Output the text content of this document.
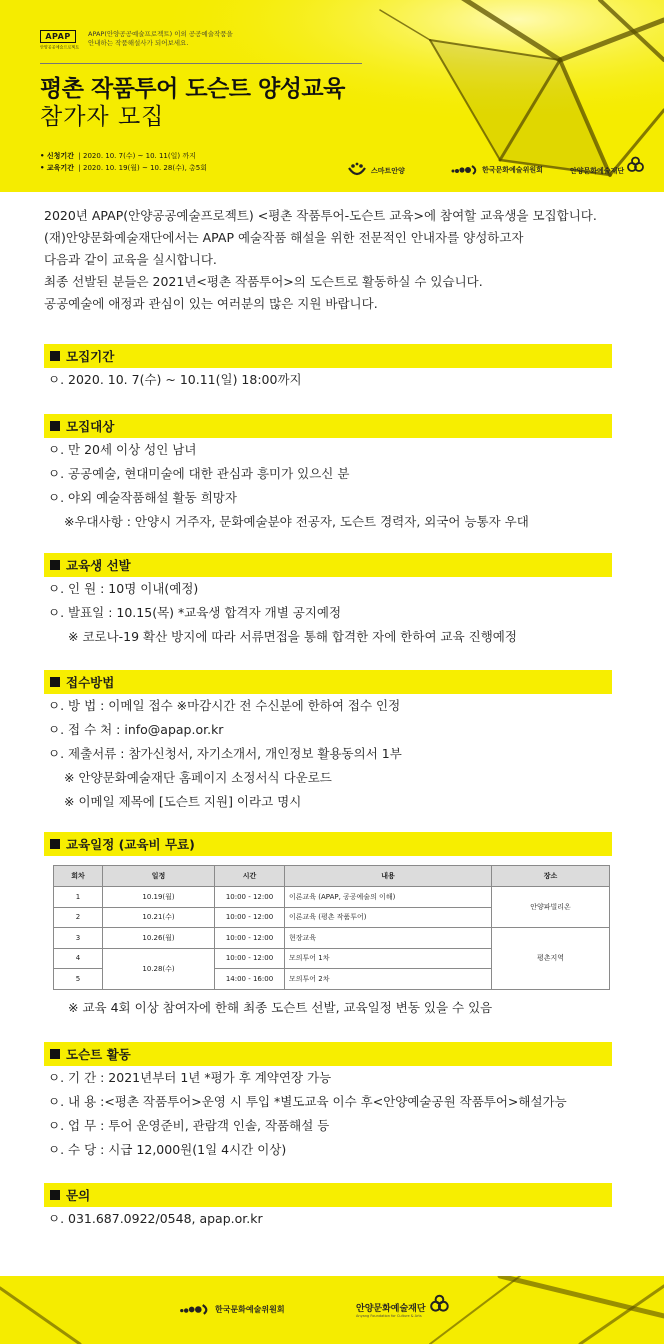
APAP
안양공공예술프로젝트
APAP(안양공공예술프로젝트) 이외 공공예술작품을
안내하는 작품해설사가 되어보세요.
평촌 작품투어 도슨트 양성교육
참가자 모집
• 신청기간 | 2020. 10. 7(수) ~ 10. 11(일) 까지
• 교육기간 | 2020. 10. 19(월) ~ 10. 28(수), 총5회	스마트안양	한국문화예술위원회	안양문화예술재단

2020년 APAP(안양공공예술프로젝트) <평촌 작품투어-도슨트 교육>에 참여할 교육생을 모집합니다.

(재)안양문화예술재단에서는 APAP 예술작품 해설을 위한 전문적인 안내자를 양성하고자

다음과 같이 교육을 실시합니다.

최종 선발된 분들은 2021년<평촌 작품투어>의 도슨트로 활동하실 수 있습니다.

공공예술에 애정과 관심이 있는 여러분의 많은 지원 바랍니다.

모집기간

ㅇ. 2020. 10. 7(수) ~ 10.11(일) 18:00까지

모집대상

ㅇ. 만 20세 이상 성인 남녀

ㅇ. 공공예술, 현대미술에 대한 관심과 흥미가 있으신 분

ㅇ. 야외 예술작품해설 활동 희망자

※우대사항 : 안양시 거주자, 문화예술분야 전공자, 도슨트 경력자, 외국어 능통자 우대

교육생 선발

ㅇ. 인 원 : 10명 이내(예정)

ㅇ. 발표일 : 10.15(목) *교육생 합격자 개별 공지예정

※ 코로나-19 확산 방지에 따라 서류면접을 통해 합격한 자에 한하여 교육 진행예정

접수방법

ㅇ. 방 법 : 이메일 접수 ※마감시간 전 수신분에 한하여 접수 인정

ㅇ. 접 수 처 : info@apap.or.kr

ㅇ. 제출서류 : 참가신청서, 자기소개서, 개인정보 활용동의서 1부

※ 안양문화예술재단 홈페이지 소정서식 다운로드

※ 이메일 제목에 [도슨트 지원] 이라고 명시

교육일정 (교육비 무료)
회차	일정	시간	내용	장소
1	10.19(월)	10:00 - 12:00	이론교육 (APAP, 공공예술의 이해)	안양파빌리온
2	10.21(수)	10:00 - 12:00	이론교육 (평촌 작품투어)	
3	10.26(월)	10:00 - 12:00	현장교육	평촌지역
4	10.28(수)	10:00 - 12:00	모의투어 1차	
5		14:00 - 16:00	모의투어 2차	

※ 교육 4회 이상 참여자에 한해 최종 도슨트 선발, 교육일정 변동 있을 수 있음

도슨트 활동

ㅇ. 기 간 : 2021년부터 1년 *평가 후 계약연장 가능

ㅇ. 내 용 :<평촌 작품투어>운영 시 투입 *별도교육 이수 후<안양예술공원 작품투어>해설가능

ㅇ. 업 무 : 투어 운영준비, 관람객 인솔, 작품해설 등

ㅇ. 수 당 : 시급 12,000원(1일 4시간 이상)

문의

ㅇ. 031.687.0922/0548, apap.or.kr

한국문화예술위원회	안양문화예술재단
Anyang Foundation for Culture & Arts
